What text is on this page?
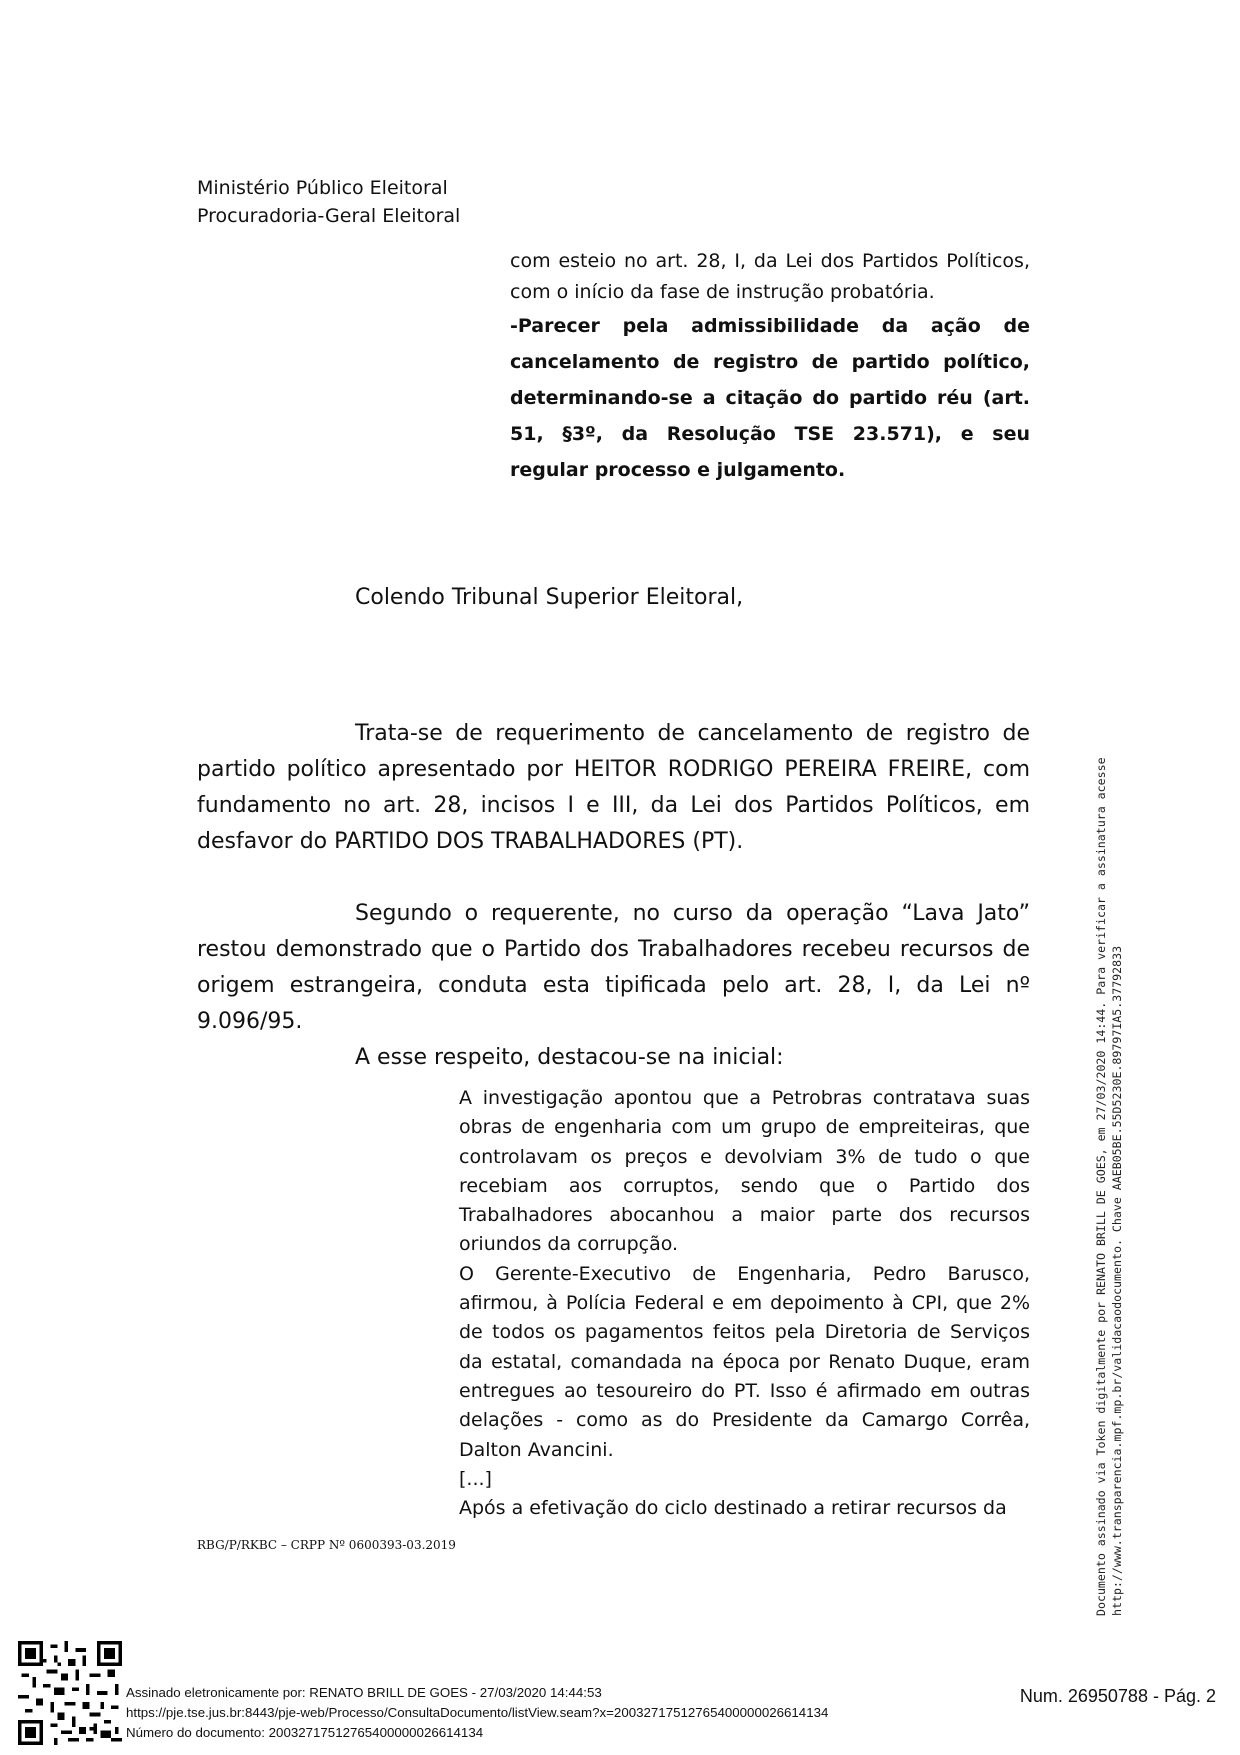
Ministério Público Eleitoral
Procuradoria-Geral Eleitoral
com esteio no art. 28, I, da Lei dos Partidos Políticos, com o início da fase de instrução probatória.
-Parecer pela admissibilidade da ação de cancelamento de registro de partido político, determinando-se a citação do partido réu (art. 51, §3º, da Resolução TSE 23.571), e seu regular processo e julgamento.
Colendo Tribunal Superior Eleitoral,
Trata-se de requerimento de cancelamento de registro de partido político apresentado por HEITOR RODRIGO PEREIRA FREIRE, com fundamento no art. 28, incisos I e III, da Lei dos Partidos Políticos, em desfavor do PARTIDO DOS TRABALHADORES (PT).
Segundo o requerente, no curso da operação “Lava Jato” restou demonstrado que o Partido dos Trabalhadores recebeu recursos de origem estrangeira, conduta esta tipificada pelo art. 28, I, da Lei nº 9.096/95.
A esse respeito, destacou-se na inicial:

A investigação apontou que a Petrobras contratava suas obras de engenharia com um grupo de empreiteiras, que controlavam os preços e devolviam 3% de tudo o que recebiam aos corruptos, sendo que o Partido dos Trabalhadores abocanhou a maior parte dos recursos oriundos da corrupção.

O Gerente-Executivo de Engenharia, Pedro Barusco, afirmou, à Polícia Federal e em depoimento à CPI, que 2% de todos os pagamentos feitos pela Diretoria de Serviços da estatal, comandada na época por Renato Duque, eram entregues ao tesoureiro do PT. Isso é afirmado em outras delações - como as do Presidente da Camargo Corrêa, Dalton Avancini.

[...]

Após a efetivação do ciclo destinado a retirar recursos da

RBG/P/RKBC – CRPP Nº 0600393-03.2019	Documento assinado via Token digitalmente por RENATO BRILL DE GOES, em 27/03/2020 14:44. Para verificar a assinatura acesse http://www.transparencia.mpf.mp.br/validacaodocumento. Chave AAEB05BE.55D5230E.89797IA5.37792833
Assinado eletronicamente por: RENATO BRILL DE GOES - 27/03/2020 14:44:53
https://pje.tse.jus.br:8443/pje-web/Processo/ConsultaDocumento/listView.seam?x=20032717512765400000026614134
Número do documento: 20032717512765400000026614134
Num. 26950788 - Pág. 2
